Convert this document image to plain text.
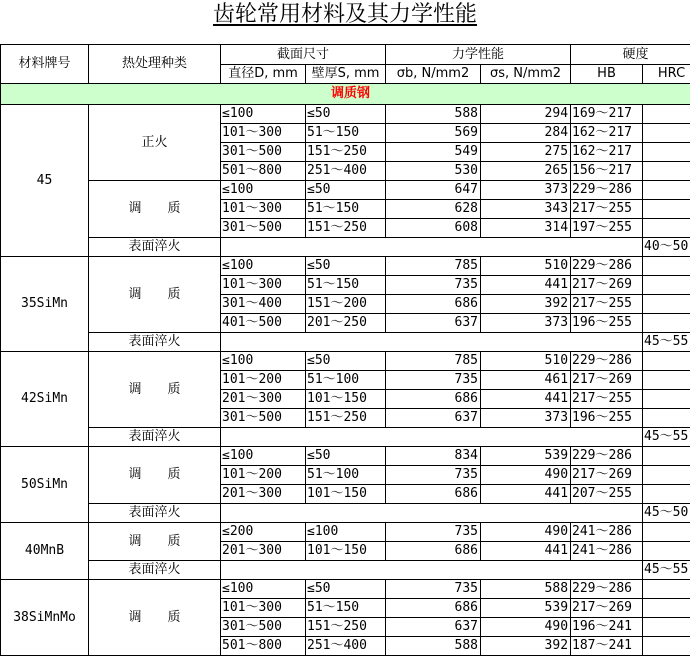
齿轮常用材料及其力学性能
材料牌号	热处理种类	截面尺寸		力学性能		硬度	
		直径D, mm	壁厚S, mm	σb, N/mm2	σs, N/mm2	HB	HRC
调质钢							
45	正火	≤100	≤50	588	294	169～217	
		101～300	51～150	569	284	162～217	
		301～500	151～250	549	275	162～217	
		501～800	251～400	530	265	156～217	
	调　　质	≤100	≤50	647	373	229～286	
		101～300	51～150	628	343	217～255	
		301～500	151～250	608	314	197～255	
	表面淬火						40～50
35SiMn	调　　质	≤100	≤50	785	510	229～286	
		101～300	51～150	735	441	217～269	
		301～400	151～200	686	392	217～255	
		401～500	201～250	637	373	196～255	
	表面淬火						45～55
42SiMn	调　　质	≤100	≤50	785	510	229～286	
		101～200	51～100	735	461	217～269	
		201～300	101～150	686	441	217～255	
		301～500	151～250	637	373	196～255	
	表面淬火						45～55
50SiMn	调　　质	≤100	≤50	834	539	229～286	
		101～200	51～100	735	490	217～269	
		201～300	101～150	686	441	207～255	
	表面淬火						45～50
40MnB	调　　质	≤200	≤100	735	490	241～286	
		201～300	101～150	686	441	241～286	
	表面淬火						45～55
38SiMnMo	调　　质	≤100	≤50	735	588	229～286	
		101～300	51～150	686	539	217～269	
		301～500	151～250	637	490	196～241	
		501～800	251～400	588	392	187～241	
